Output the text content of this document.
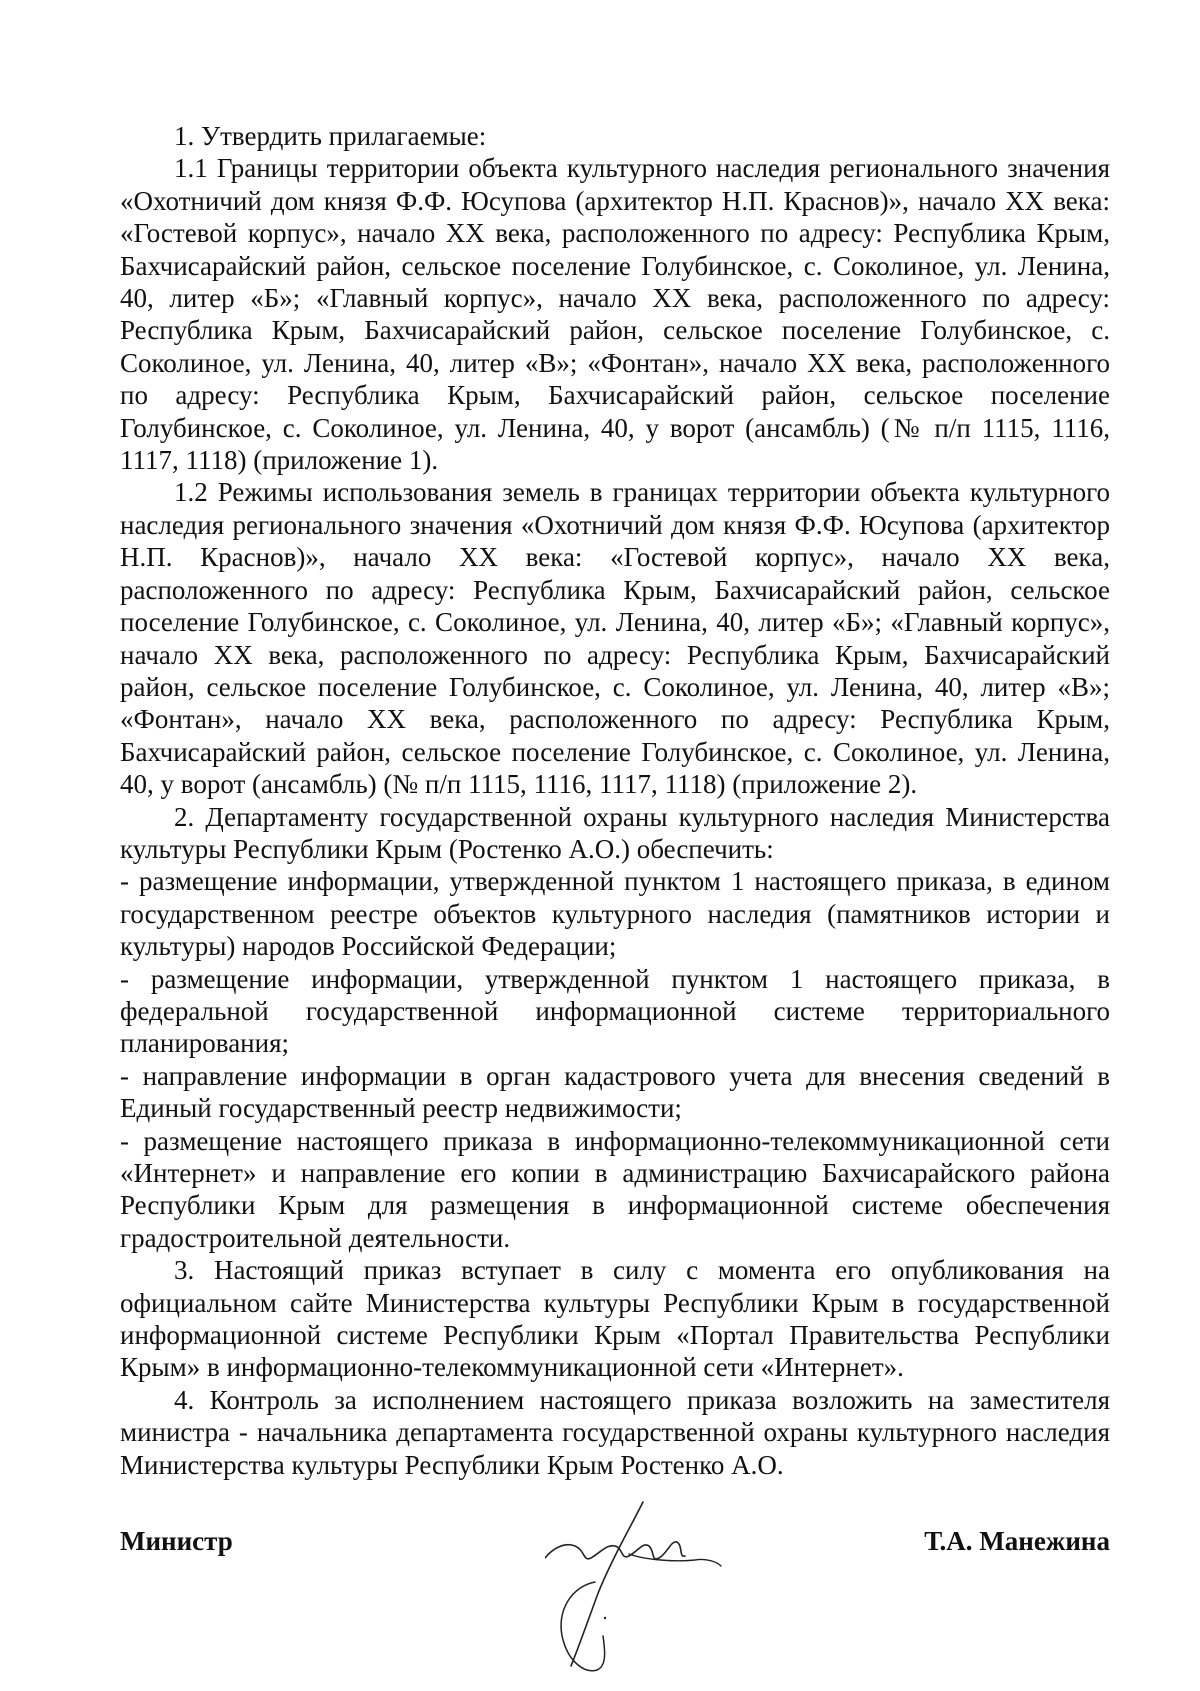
1. Утвердить прилагаемые:

1.1 Границы территории объекта культурного наследия регионального значения «Охотничий дом князя Ф.Ф. Юсупова (архитектор Н.П. Краснов)», начало XX века: «Гостевой корпус», начало XX века, расположенного по адресу: Республика Крым, Бахчисарайский район, сельское поселение Голубинское, с. Соколиное, ул. Ленина, 40, литер «Б»; «Главный корпус», начало XX века, расположенного по адресу: Республика Крым, Бахчисарайский район, сельское поселение Голубинское, с. Соколиное, ул. Ленина, 40, литер «В»; «Фонтан», начало XX века, расположенного по адресу: Республика Крым, Бахчисарайский район, сельское поселение Голубинское, с. Соколиное, ул. Ленина, 40, у ворот (ансамбль) (№ п/п 1115, 1116, 1117, 1118) (приложение 1).

1.2 Режимы использования земель в границах территории объекта культурного наследия регионального значения «Охотничий дом князя Ф.Ф. Юсупова (архитектор Н.П. Краснов)», начало XX века: «Гостевой корпус», начало XX века, расположенного по адресу: Республика Крым, Бахчисарайский район, сельское поселение Голубинское, с. Соколиное, ул. Ленина, 40, литер «Б»; «Главный корпус», начало XX века, расположенного по адресу: Республика Крым, Бахчисарайский район, сельское поселение Голубинское, с. Соколиное, ул. Ленина, 40, литер «В»; «Фонтан», начало XX века, расположенного по адресу: Республика Крым, Бахчисарайский район, сельское поселение Голубинское, с. Соколиное, ул. Ленина, 40, у ворот (ансамбль) (№ п/п 1115, 1116, 1117, 1118) (приложение 2).

2. Департаменту государственной охраны культурного наследия Министерства культуры Республики Крым (Ростенко А.О.) обеспечить:

- размещение информации, утвержденной пунктом 1 настоящего приказа, в едином государственном реестре объектов культурного наследия (памятников истории и культуры) народов Российской Федерации;

- размещение информации, утвержденной пунктом 1 настоящего приказа, в федеральной государственной информационной системе территориального планирования;

- направление информации в орган кадастрового учета для внесения сведений в Единый государственный реестр недвижимости;

- размещение настоящего приказа в информационно-телекоммуникационной сети «Интернет» и направление его копии в администрацию Бахчисарайского района Республики Крым для размещения в информационной системе обеспечения градостроительной деятельности.

3. Настоящий приказ вступает в силу с момента его опубликования на официальном сайте Министерства культуры Республики Крым в государственной информационной системе Республики Крым «Портал Правительства Республики Крым» в информационно-телекоммуникационной сети «Интернет».

4. Контроль за исполнением настоящего приказа возложить на заместителя министра - начальника департамента государственной охраны культурного наследия Министерства культуры Республики Крым Ростенко А.О.

Министр	Т.А. Манежина
